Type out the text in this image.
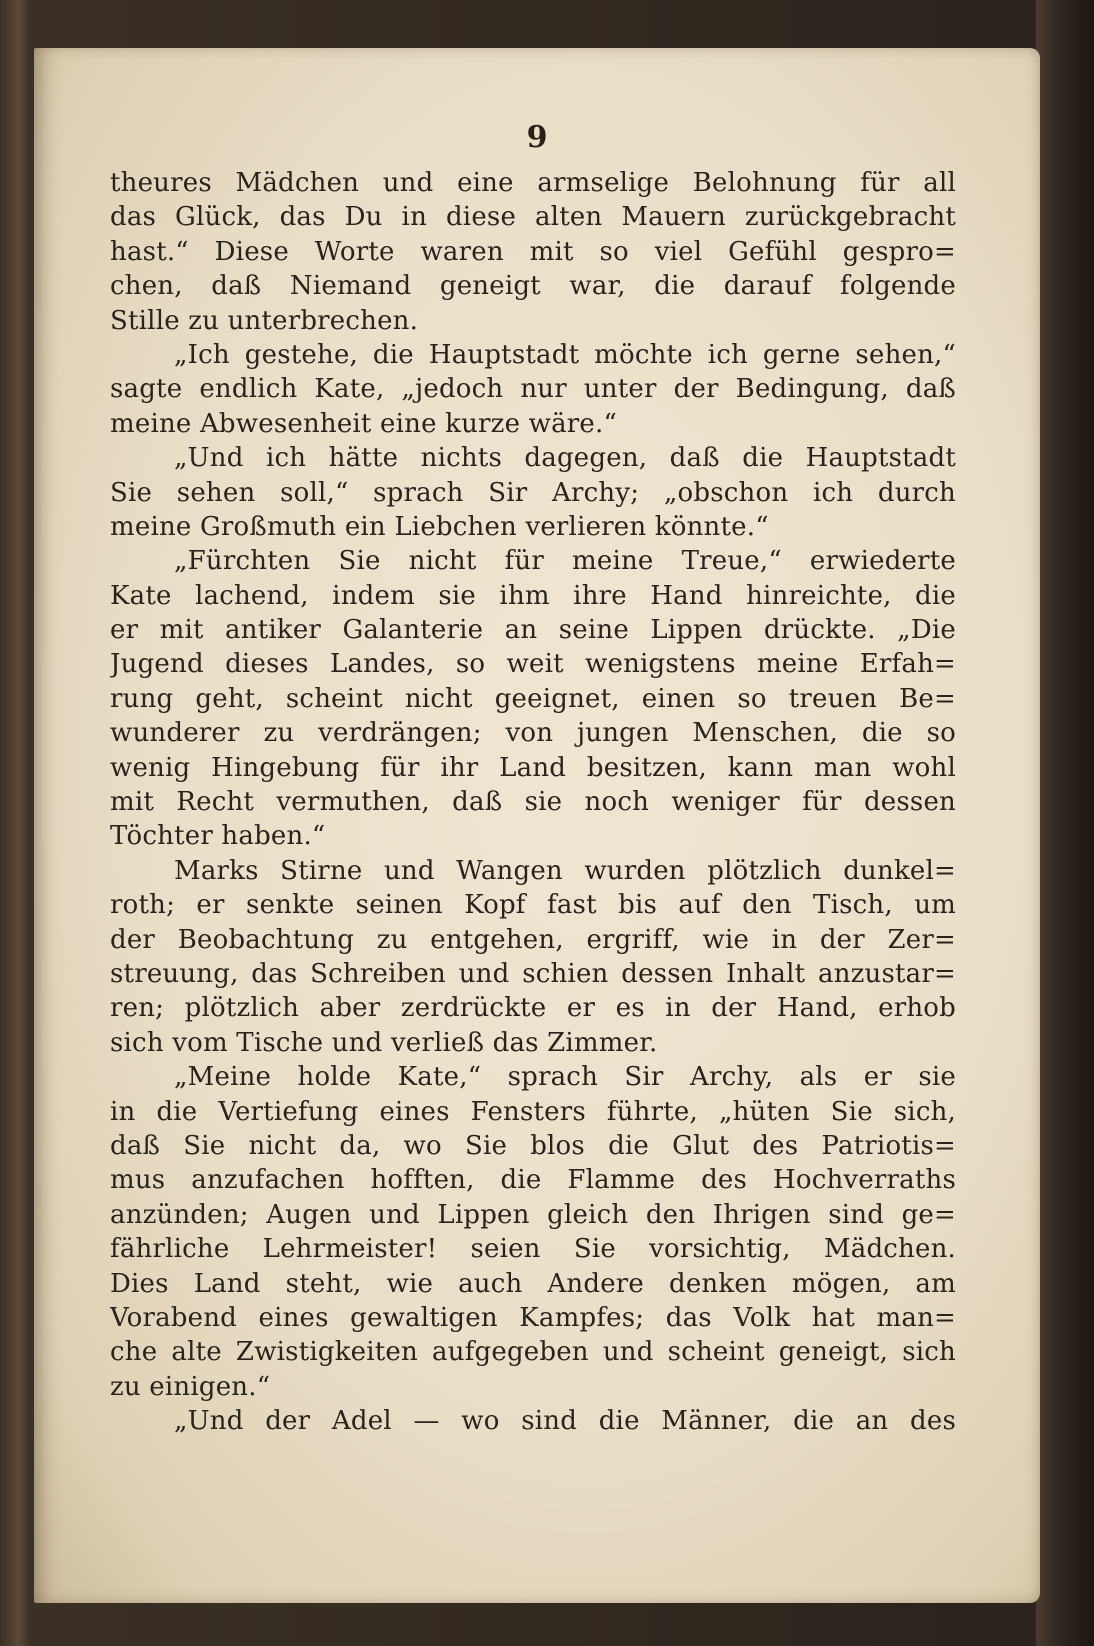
9
theures Mädchen und eine armselige Belohnung für all
das Glück, das Du in diese alten Mauern zurückgebracht
hast.“ Diese Worte waren mit so viel Gefühl gespro=
chen, daß Niemand geneigt war, die darauf folgende
Stille zu unterbrechen.
„Ich gestehe, die Hauptstadt möchte ich gerne sehen,“
sagte endlich Kate, „jedoch nur unter der Bedingung, daß
meine Abwesenheit eine kurze wäre.“
„Und ich hätte nichts dagegen, daß die Hauptstadt
Sie sehen soll,“ sprach Sir Archy; „obschon ich durch
meine Großmuth ein Liebchen verlieren könnte.“
„Fürchten Sie nicht für meine Treue,“ erwiederte
Kate lachend, indem sie ihm ihre Hand hinreichte, die
er mit antiker Galanterie an seine Lippen drückte. „Die
Jugend dieses Landes, so weit wenigstens meine Erfah=
rung geht, scheint nicht geeignet, einen so treuen Be=
wunderer zu verdrängen; von jungen Menschen, die so
wenig Hingebung für ihr Land besitzen, kann man wohl
mit Recht vermuthen, daß sie noch weniger für dessen
Töchter haben.“
Marks Stirne und Wangen wurden plötzlich dunkel=
roth; er senkte seinen Kopf fast bis auf den Tisch, um
der Beobachtung zu entgehen, ergriff, wie in der Zer=
streuung, das Schreiben und schien dessen Inhalt anzustar=
ren; plötzlich aber zerdrückte er es in der Hand, erhob
sich vom Tische und verließ das Zimmer.
„Meine holde Kate,“ sprach Sir Archy, als er sie
in die Vertiefung eines Fensters führte, „hüten Sie sich,
daß Sie nicht da, wo Sie blos die Glut des Patriotis=
mus anzufachen hofften, die Flamme des Hochverraths
anzünden; Augen und Lippen gleich den Ihrigen sind ge=
fährliche Lehrmeister! seien Sie vorsichtig, Mädchen.
Dies Land steht, wie auch Andere denken mögen, am
Vorabend eines gewaltigen Kampfes; das Volk hat man=
che alte Zwistigkeiten aufgegeben und scheint geneigt, sich
zu einigen.“
„Und der Adel — wo sind die Männer, die an des
